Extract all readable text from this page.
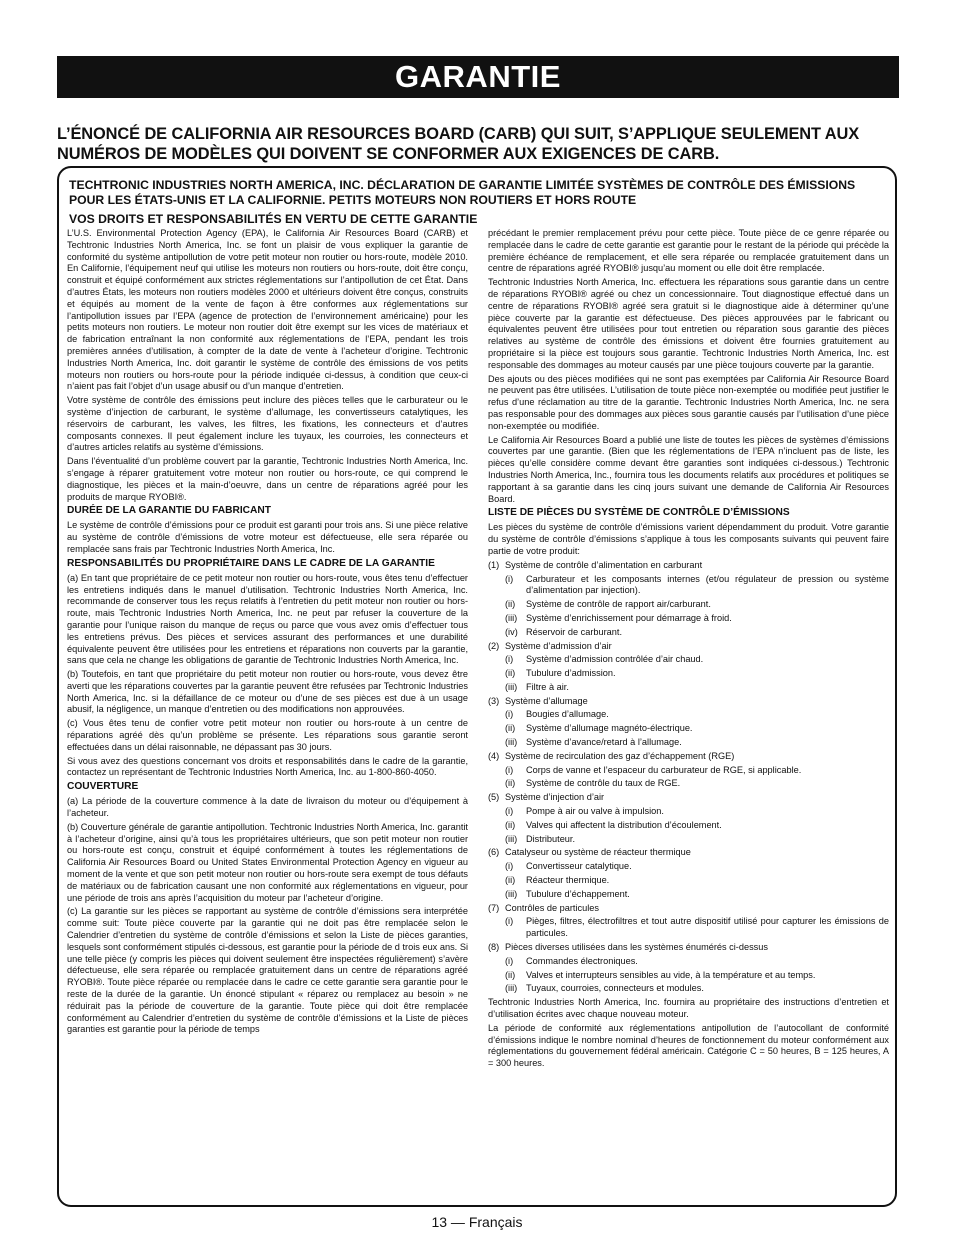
GARANTIE
L’ÉNONCÉ DE CALIFORNIA AIR RESOURCES BOARD (CARB) QUI SUIT, S’APPLIQUE SEULEMENT AUX NUMÉROS DE MODÈLES QUI DOIVENT SE CONFORMER AUX EXIGENCES DE CARB.
TECHTRONIC INDUSTRIES NORTH AMERICA, INC. DÉCLARATION DE GARANTIE LIMITÉE SYSTÈMES DE CONTRÔLE DES ÉMISSIONS POUR LES ÉTATS-UNIS ET LA CALIFORNIE. PETITS MOTEURS NON ROUTIERS ET HORS ROUTE
VOS DROITS ET RESPONSABILITÉS EN VERTU DE CETTE GARANTIE

L’U.S. Environmental Protection Agency (EPA), le California Air Resources Board (CARB) et Techtronic Industries North America, Inc. se font un plaisir de vous expliquer la garantie de conformité du système antipollution de votre petit moteur non routier ou hors-route, modèle 2010. En Californie, l’équipement neuf qui utilise les moteurs non routiers ou hors-route, doit être conçu, construit et équipé conformément aux strictes réglementations sur l’antipollution de cet État. Dans d’autres États, les moteurs non routiers modèles 2000 et ultérieurs doivent être conçus, construits et équipés au moment de la vente de façon à être conformes aux réglementations sur l’antipollution issues par l’EPA (agence de protection de l’environnement américaine) pour les petits moteurs non routiers. Le moteur non routier doit être exempt sur les vices de matériaux et de fabrication entraînant la non conformité aux réglementations de l’EPA, pendant les trois premières années d’utilisation, à compter de la date de vente à l’acheteur d’origine. Techtronic Industries North America, Inc. doit garantir le système de contrôle des émissions de vos petits moteurs non routiers ou hors-route pour la période indiquée ci-dessus, à condition que ceux-ci n’aient pas fait l’objet d’un usage abusif ou d’un manque d’entretien.

Votre système de contrôle des émissions peut inclure des pièces telles que le carburateur ou le système d’injection de carburant, le système d’allumage, les convertisseurs catalytiques, les réservoirs de carburant, les valves, les filtres, les fixations, les connecteurs et d’autres composants connexes. Il peut également inclure les tuyaux, les courroies, les connecteurs et d’autres articles relatifs au système d’émissions.

Dans l’éventualité d’un problème couvert par la garantie, Techtronic Industries North America, Inc. s’engage à réparer gratuitement votre moteur non routier ou hors-route, ce qui comprend le diagnostique, les pièces et la main-d’oeuvre, dans un centre de réparations agréé pour les produits de marque RYOBI®.

DURÉE DE LA GARANTIE DU FABRICANT

Le système de contrôle d’émissions pour ce produit est garanti pour trois ans. Si une pièce relative au système de contrôle d’émissions de votre moteur est défectueuse, elle sera réparée ou remplacée sans frais par Techtronic Industries North America, Inc.

RESPONSABILITÉS DU PROPRIÉTAIRE DANS LE CADRE DE LA GARANTIE

(a) En tant que propriétaire de ce petit moteur non routier ou hors-route, vous êtes tenu d’effectuer les entretiens indiqués dans le manuel d’utilisation. Techtronic Industries North America, Inc. recommande de conserver tous les reçus relatifs à l’entretien du petit moteur non routier ou hors-route, mais Techtronic Industries North America, Inc. ne peut par refuser la couverture de la garantie pour l’unique raison du manque de reçus ou parce que vous avez omis d’effectuer tous les entretiens prévus. Des pièces et services assurant des performances et une durabilité équivalente peuvent être utilisées pour les entretiens et réparations non couverts par la garantie, sans que cela ne change les obligations de garantie de Techtronic Industries North America, Inc.

(b) Toutefois, en tant que propriétaire du petit moteur non routier ou hors-route, vous devez être averti que les réparations couvertes par la garantie peuvent être refusées par Techtronic Industries North America, Inc. si la défaillance de ce moteur ou d’une de ses pièces est due à un usage abusif, la négligence, un manque d’entretien ou des modifications non approuvées.

(c) Vous êtes tenu de confier votre petit moteur non routier ou hors-route à un centre de réparations agréé dès qu’un problème se présente. Les réparations sous garantie seront effectuées dans un délai raisonnable, ne dépassant pas 30 jours.

Si vous avez des questions concernant vos droits et responsabilités dans le cadre de la garantie, contactez un représentant de Techtronic Industries North America, Inc. au 1-800-860-4050.

COUVERTURE

(a) La période de la couverture commence à la date de livraison du moteur ou d’équipement à l’acheteur.

(b) Couverture générale de garantie antipollution. Techtronic Industries North America, Inc. garantit à l’acheteur d’origine, ainsi qu’à tous les propriétaires ultérieurs, que son petit moteur non routier ou hors-route est conçu, construit et équipé conformément à toutes les réglementations de California Air Resources Board ou United States Environmental Protection Agency en vigueur au moment de la vente et que son petit moteur non routier ou hors-route sera exempt de tous défauts de matériaux ou de fabrication causant une non conformité aux réglementations en vigueur, pour une période de trois ans après l’acquisition du moteur par l’acheteur d’origine.

(c) La garantie sur les pièces se rapportant au système de contrôle d’émissions sera interprétée comme suit: Toute pièce couverte par la garantie qui ne doit pas être remplacée selon le Calendrier d’entretien du système de contrôle d’émissions et selon la Liste de pièces garanties, lesquels sont conformément stipulés ci-dessous, est garantie pour la période de d trois eux ans. Si une telle pièce (y compris les pièces qui doivent seulement être inspectées régulièrement) s’avère défectueuse, elle sera réparée ou remplacée gratuitement dans un centre de réparations agréé RYOBI®. Toute pièce réparée ou remplacée dans le cadre ce cette garantie sera garantie pour le reste de la durée de la garantie. Un énoncé stipulant « réparez ou remplacez au besoin » ne réduirait pas la période de couverture de la garantie. Toute pièce qui doit être remplacée conformément au Calendrier d’entretien du système de contrôle d’émissions et la Liste de pièces garanties est garantie pour la période de temps

précédant le premier remplacement prévu pour cette pièce. Toute pièce de ce genre réparée ou remplacée dans le cadre de cette garantie est garantie pour le restant de la période qui précède la première échéance de remplacement, et elle sera réparée ou remplacée gratuitement dans un centre de réparations agréé RYOBI® jusqu’au moment ou elle doit être remplacée.

Techtronic Industries North America, Inc. effectuera les réparations sous garantie dans un centre de réparations RYOBI® agréé ou chez un concessionnaire. Tout diagnostique effectué dans un centre de réparations RYOBI® agréé sera gratuit si le diagnostique aide à déterminer qu’une pièce couverte par la garantie est défectueuse. Des pièces approuvées par le fabricant ou équivalentes peuvent être utilisées pour tout entretien ou réparation sous garantie des pièces relatives au système de contrôle des émissions et doivent être fournies gratuitement au propriétaire si la pièce est toujours sous garantie. Techtronic Industries North America, Inc. est responsable des dommages au moteur causés par une pièce toujours couverte par la garantie.

Des ajouts ou des pièces modifiées qui ne sont pas exemptées par California Air Resource Board ne peuvent pas être utilisées. L’utilisation de toute pièce non-exemptée ou modifiée peut justifier le refus d’une réclamation au titre de la garantie. Techtronic Industries North America, Inc. ne sera pas responsable pour des dommages aux pièces sous garantie causés par l’utilisation d’une pièce non-exemptée ou modifiée.

Le California Air Resources Board a publié une liste de toutes les pièces de systèmes d’émissions couvertes par une garantie. (Bien que les réglementations de l’EPA n’incluent pas de liste, les pièces qu’elle considère comme devant être garanties sont indiquées ci-dessous.) Techtronic Industries North America, Inc., fournira tous les documents relatifs aux procédures et politiques se rapportant à sa garantie dans les cinq jours suivant une demande de California Air Resources Board.

LISTE DE PIÈCES DU SYSTÈME DE CONTRÔLE D’ÉMISSIONS

Les pièces du système de contrôle d’émissions varient dépendamment du produit. Votre garantie du système de contrôle d’émissions s’applique à tous les composants suivants qui peuvent faire partie de votre produit:

(1) Système de contrôle d’alimentation en carburant
(i) Carburateur et les composants internes (et/ou régulateur de pression ou système d’alimentation par injection).
(ii) Système de contrôle de rapport air/carburant.
(iii) Système d’enrichissement pour démarrage à froid.
(iv) Réservoir de carburant.
(2) Système d’admission d’air
(i) Système d’admission contrôlée d’air chaud.
(ii) Tubulure d’admission.
(iii) Filtre à air.
(3) Système d’allumage
(i) Bougies d’allumage.
(ii) Système d’allumage magnéto-électrique.
(iii) Système d’avance/retard à l’allumage.
(4) Système de recirculation des gaz d’échappement (RGE)
(i) Corps de vanne et l’espaceur du carburateur de RGE, si applicable.
(ii) Système de contrôle du taux de RGE.
(5) Système d’injection d’air
(i) Pompe à air ou valve à impulsion.
(ii) Valves qui affectent la distribution d’écoulement.
(iii) Distributeur.
(6) Catalyseur ou système de réacteur thermique
(i) Convertisseur catalytique.
(ii) Réacteur thermique.
(iii) Tubulure d’échappement.
(7) Contrôles de particules
(i) Pièges, filtres, électrofiltres et tout autre dispositif utilisé pour capturer les émissions de particules.
(8) Pièces diverses utilisées dans les systèmes énumérés ci-dessus
(i) Commandes électroniques.
(ii) Valves et interrupteurs sensibles au vide, à la température et au temps.
(iii) Tuyaux, courroies, connecteurs et modules.

Techtronic Industries North America, Inc. fournira au propriétaire des instructions d’entretien et d’utilisation écrites avec chaque nouveau moteur.

La période de conformité aux réglementations antipollution de l’autocollant de conformité d’émissions indique le nombre nominal d’heures de fonctionnement du moteur conformément aux réglementations du gouvernement fédéral américain. Catégorie C = 50 heures, B = 125 heures, A = 300 heures.

13 — Français
